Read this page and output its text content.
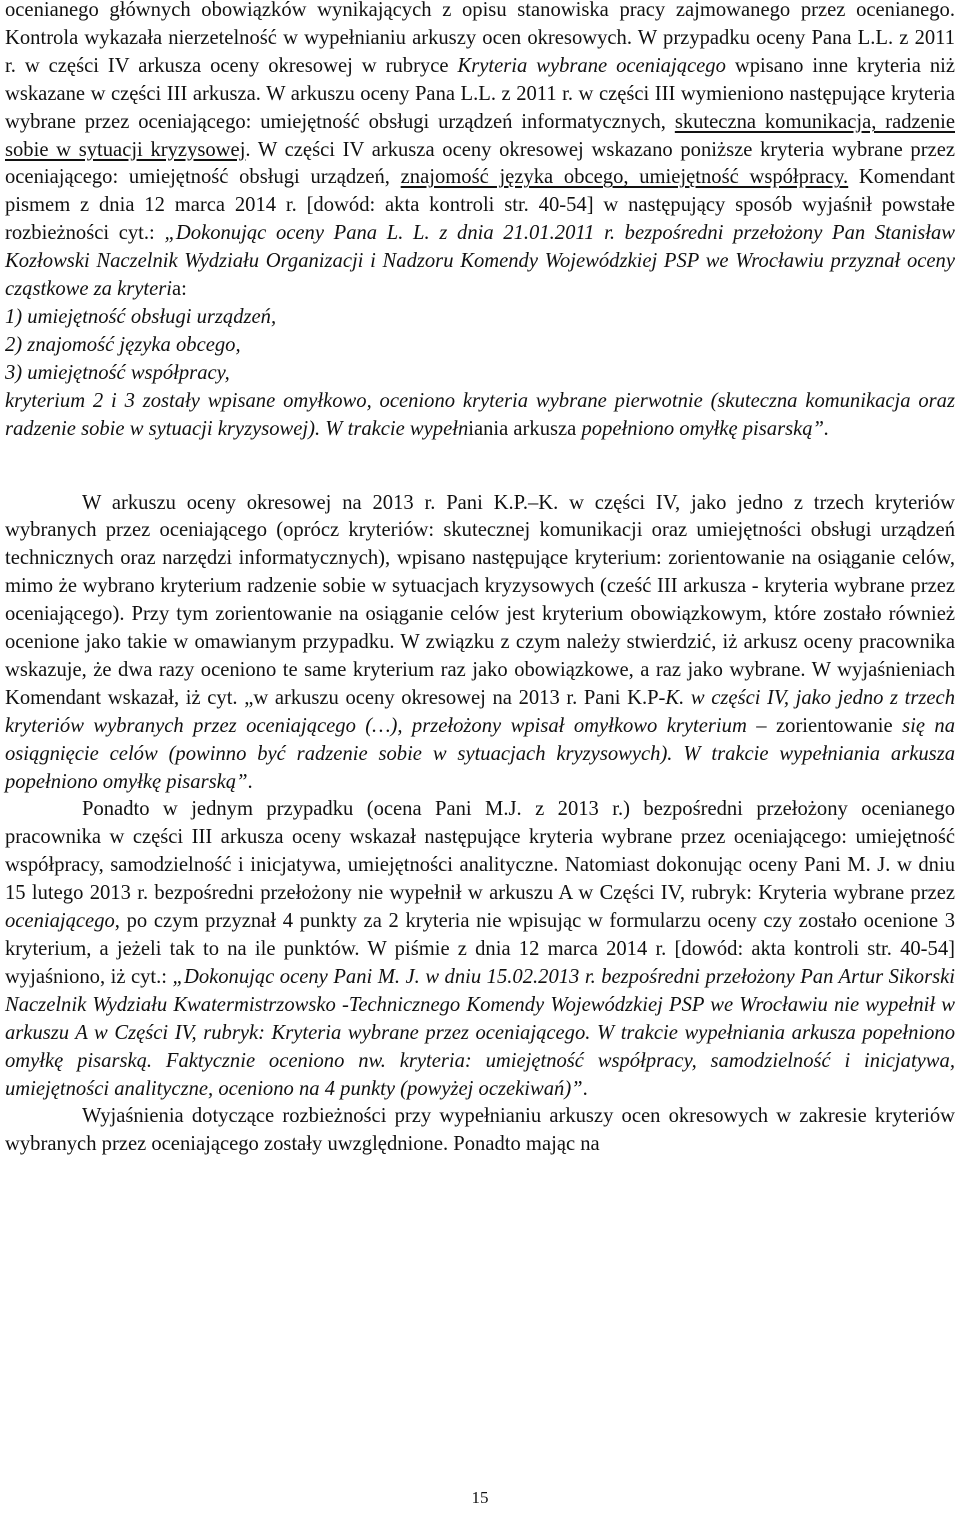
ocenianego głównych obowiązków wynikających z opisu stanowiska pracy zajmowanego przez ocenianego. Kontrola wykazała nierzetelność w wypełnianiu arkuszy ocen okresowych. W przypadku oceny Pana L.L. z 2011 r. w części IV arkusza oceny okresowej w rubryce Kryteria wybrane oceniającego wpisano inne kryteria niż wskazane w części III arkusza. W arkuszu oceny Pana L.L. z 2011 r. w części III wymieniono następujące kryteria wybrane przez oceniającego: umiejętność obsługi urządzeń informatycznych, skuteczna komunikacja, radzenie sobie w sytuacji kryzysowej. W części IV arkusza oceny okresowej wskazano poniższe kryteria wybrane przez oceniającego: umiejętność obsługi urządzeń, znajomość języka obcego, umiejętność współpracy. Komendant pismem z dnia 12 marca 2014 r. [dowód: akta kontroli str. 40-54] w następujący sposób wyjaśnił powstałe rozbieżności cyt.: „Dokonując oceny Pana L. L. z dnia 21.01.2011 r. bezpośredni przełożony Pan Stanisław Kozłowski Naczelnik Wydziału Organizacji i Nadzoru Komendy Wojewódzkiej PSP we Wrocławiu przyznał oceny cząstkowe za kryteria:
1) umiejętność obsługi urządzeń,
2) znajomość języka obcego,
3) umiejętność współpracy,
kryterium 2 i 3 zostały wpisane omyłkowo, oceniono kryteria wybrane pierwotnie (skuteczna komunikacja oraz radzenie sobie w sytuacji kryzysowej). W trakcie wypełniania arkusza popełniono omyłkę pisarską”.

W arkuszu oceny okresowej na 2013 r. Pani K.P.–K. w części IV, jako jedno z trzech kryteriów wybranych przez oceniającego (oprócz kryteriów: skutecznej komunikacji oraz umiejętności obsługi urządzeń technicznych oraz narzędzi informatycznych), wpisano następujące kryterium: zorientowanie na osiąganie celów, mimo że wybrano kryterium radzenie sobie w sytuacjach kryzysowych (cześć III arkusza - kryteria wybrane przez oceniającego). Przy tym zorientowanie na osiąganie celów jest kryterium obowiązkowym, które zostało również ocenione jako takie w omawianym przypadku. W związku z czym należy stwierdzić, iż arkusz oceny pracownika wskazuje, że dwa razy oceniono te same kryterium raz jako obowiązkowe, a raz jako wybrane. W wyjaśnieniach Komendant wskazał, iż cyt. „w arkuszu oceny okresowej na 2013 r. Pani K.P-K. w części IV, jako jedno z trzech kryteriów wybranych przez oceniającego (…), przełożony wpisał omyłkowo kryterium – zorientowanie się na osiągnięcie celów (powinno być radzenie sobie w sytuacjach kryzysowych). W trakcie wypełniania arkusza popełniono omyłkę pisarską”.

Ponadto w jednym przypadku (ocena Pani M.J. z 2013 r.) bezpośredni przełożony ocenianego pracownika w części III arkusza oceny wskazał następujące kryteria wybrane przez oceniającego: umiejętność współpracy, samodzielność i inicjatywa, umiejętności analityczne. Natomiast dokonując oceny Pani M. J. w dniu 15 lutego 2013 r. bezpośredni przełożony nie wypełnił w arkuszu A w Części IV, rubryk: Kryteria wybrane przez oceniającego, po czym przyznał 4 punkty za 2 kryteria nie wpisując w formularzu oceny czy zostało ocenione 3 kryterium, a jeżeli tak to na ile punktów. W piśmie z dnia 12 marca 2014 r. [dowód: akta kontroli str. 40-54] wyjaśniono, iż cyt.: „Dokonując oceny Pani M. J. w dniu 15.02.2013 r. bezpośredni przełożony Pan Artur Sikorski Naczelnik Wydziału Kwatermistrzowsko -Technicznego Komendy Wojewódzkiej PSP we Wrocławiu nie wypełnił w arkuszu A w Części IV, rubryk: Kryteria wybrane przez oceniającego. W trakcie wypełniania arkusza popełniono omyłkę pisarską. Faktycznie oceniono nw. kryteria: umiejętność współpracy, samodzielność i inicjatywa, umiejętności analityczne, oceniono na 4 punkty (powyżej oczekiwań)”.

Wyjaśnienia dotyczące rozbieżności przy wypełnianiu arkuszy ocen okresowych w zakresie kryteriów wybranych przez oceniającego zostały uwzględnione. Ponadto mając na

15
